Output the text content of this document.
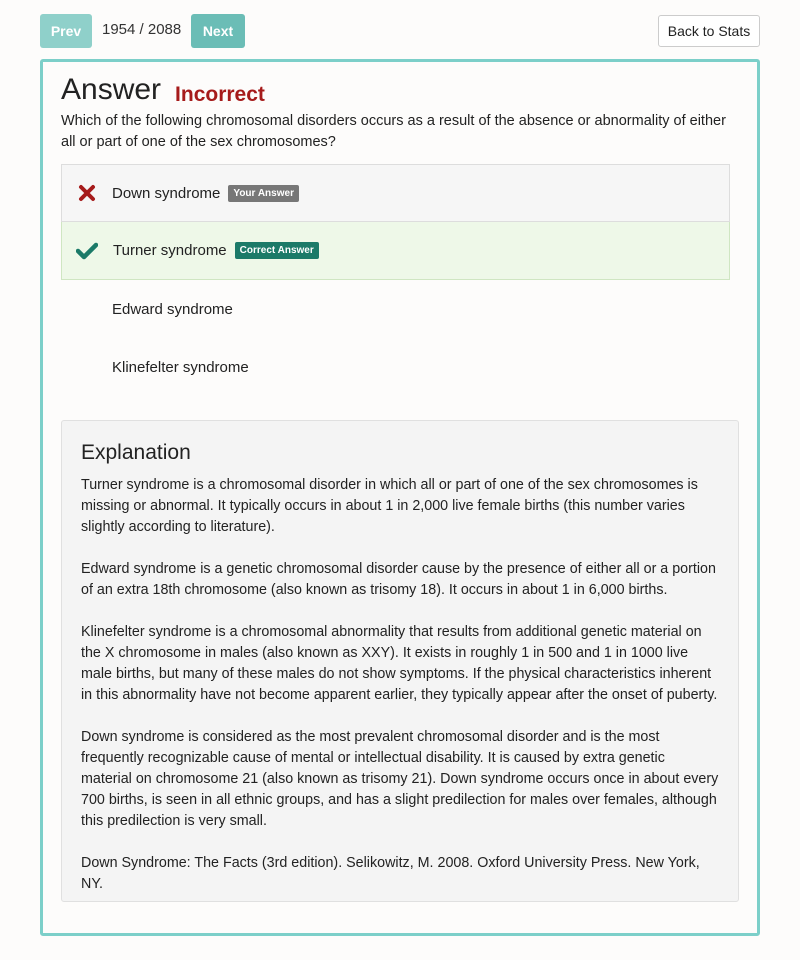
Prev	1954 / 2088	Next	Back to Stats
Answer Incorrect
Which of the following chromosomal disorders occurs as a result of the absence or abnormality of either all or part of one of the sex chromosomes?
Down syndrome Your Answer
Turner syndrome Correct Answer
Edward syndrome
Klinefelter syndrome
Explanation

Turner syndrome is a chromosomal disorder in which all or part of one of the sex chromosomes is missing or abnormal. It typically occurs in about 1 in 2,000 live female births (this number varies slightly according to literature).

Edward syndrome is a genetic chromosomal disorder cause by the presence of either all or a portion of an extra 18th chromosome (also known as trisomy 18). It occurs in about 1 in 6,000 births.

Klinefelter syndrome is a chromosomal abnormality that results from additional genetic material on the X chromosome in males (also known as XXY). It exists in roughly 1 in 500 and 1 in 1000 live male births, but many of these males do not show symptoms. If the physical characteristics inherent in this abnormality have not become apparent earlier, they typically appear after the onset of puberty.

Down syndrome is considered as the most prevalent chromosomal disorder and is the most frequently recognizable cause of mental or intellectual disability. It is caused by extra genetic material on chromosome 21 (also known as trisomy 21). Down syndrome occurs once in about every 700 births, is seen in all ethnic groups, and has a slight predilection for males over females, although this predilection is very small.

Down Syndrome: The Facts (3rd edition). Selikowitz, M. 2008. Oxford University Press. New York, NY.
